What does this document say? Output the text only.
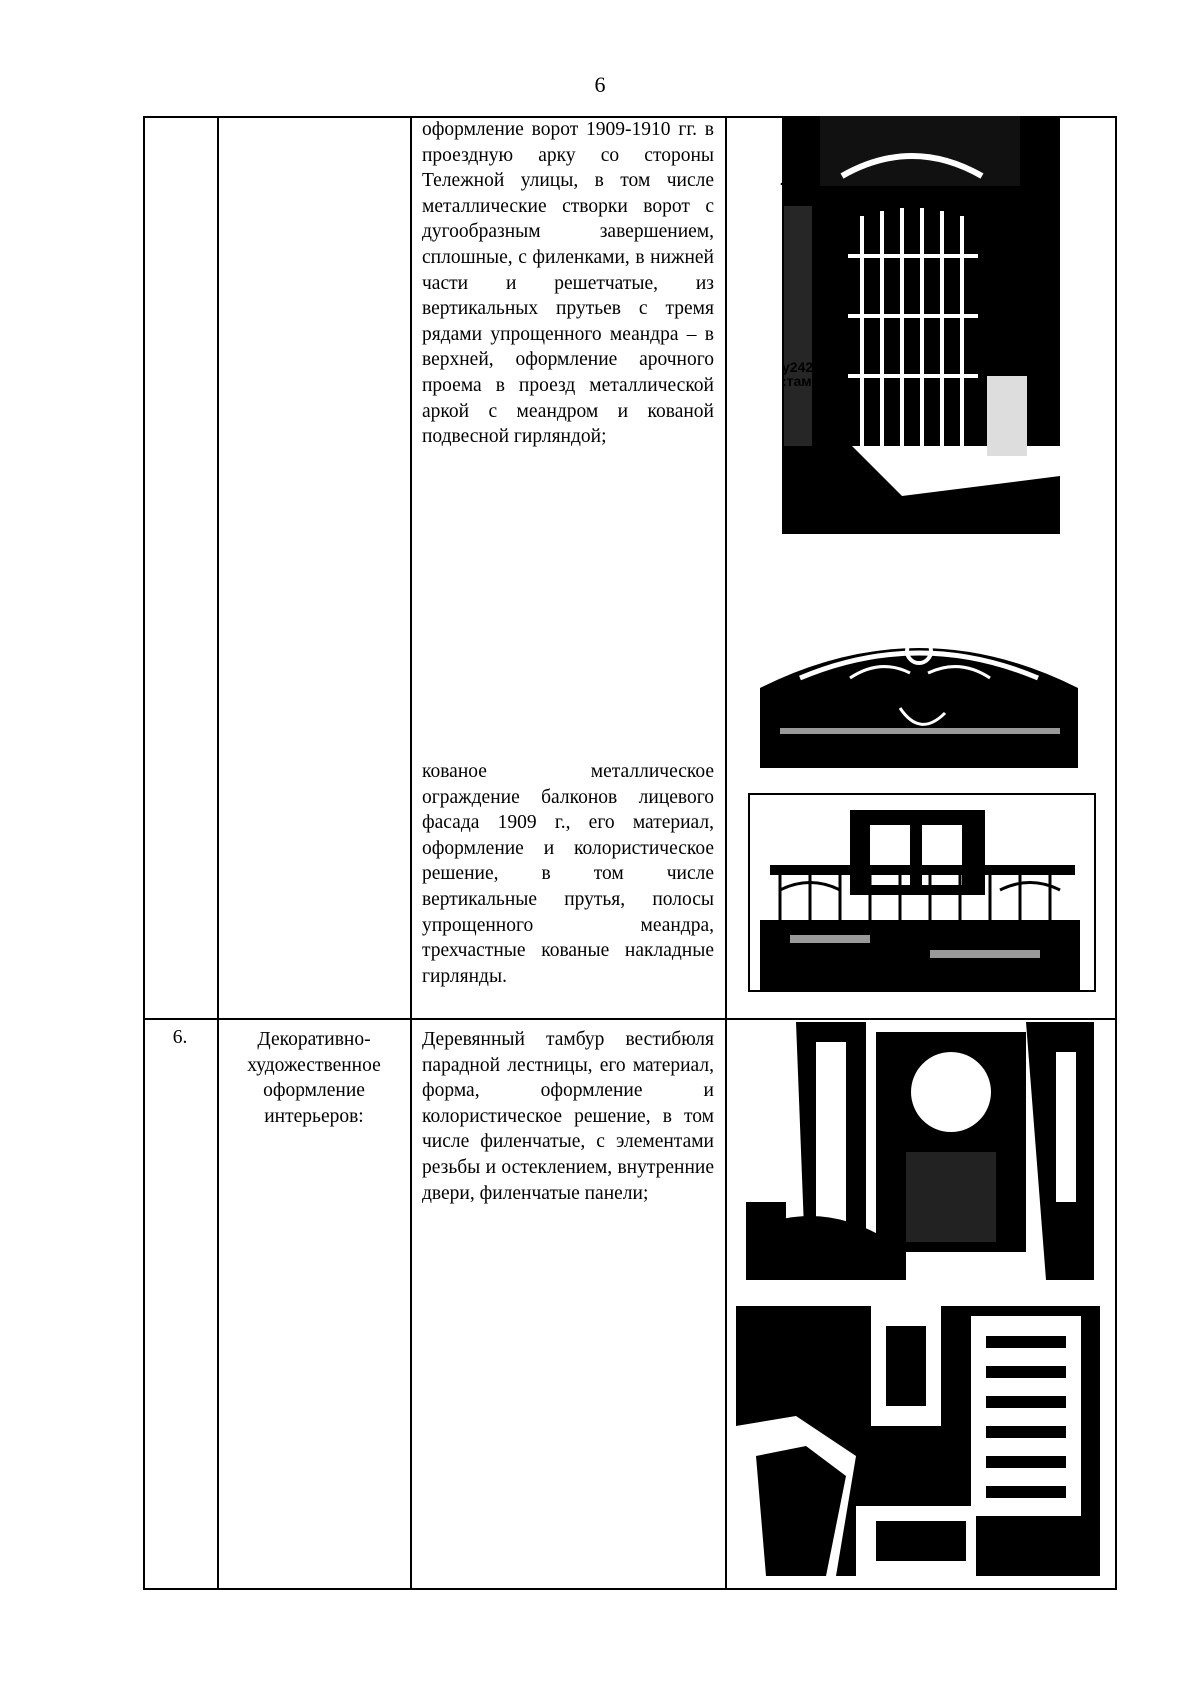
6
оформление ворот 1909-1910 гг. в проездную арку со стороны Тележной улицы, в том числе металлические створки ворот с дугообразным завершением, сплошные, с филенками, в нижней части и решетчатые, из вертикальных прутьев с тремя рядами упрощенного меандра – в верхней, оформление арочного проема в проезд металлической аркой с меандром и кованой подвесной гирляндой;
кованое металлическое ограждение балконов лицевого фасада 1909 г., его материал, оформление и колористическое решение, в том числе вертикальные прутья, полосы упрощенного меандра, трехчастные кованые накладные гирлянды.
6.	Декоративно-художественное оформление интерьеров:
Деревянный тамбур вестибюля парадной лестницы, его материал, форма, оформление и колористическое решение, в том числе филенчатые, с элементами резьбы и остеклением, внутренние двери, филенчатые панели;
у2420 :там
